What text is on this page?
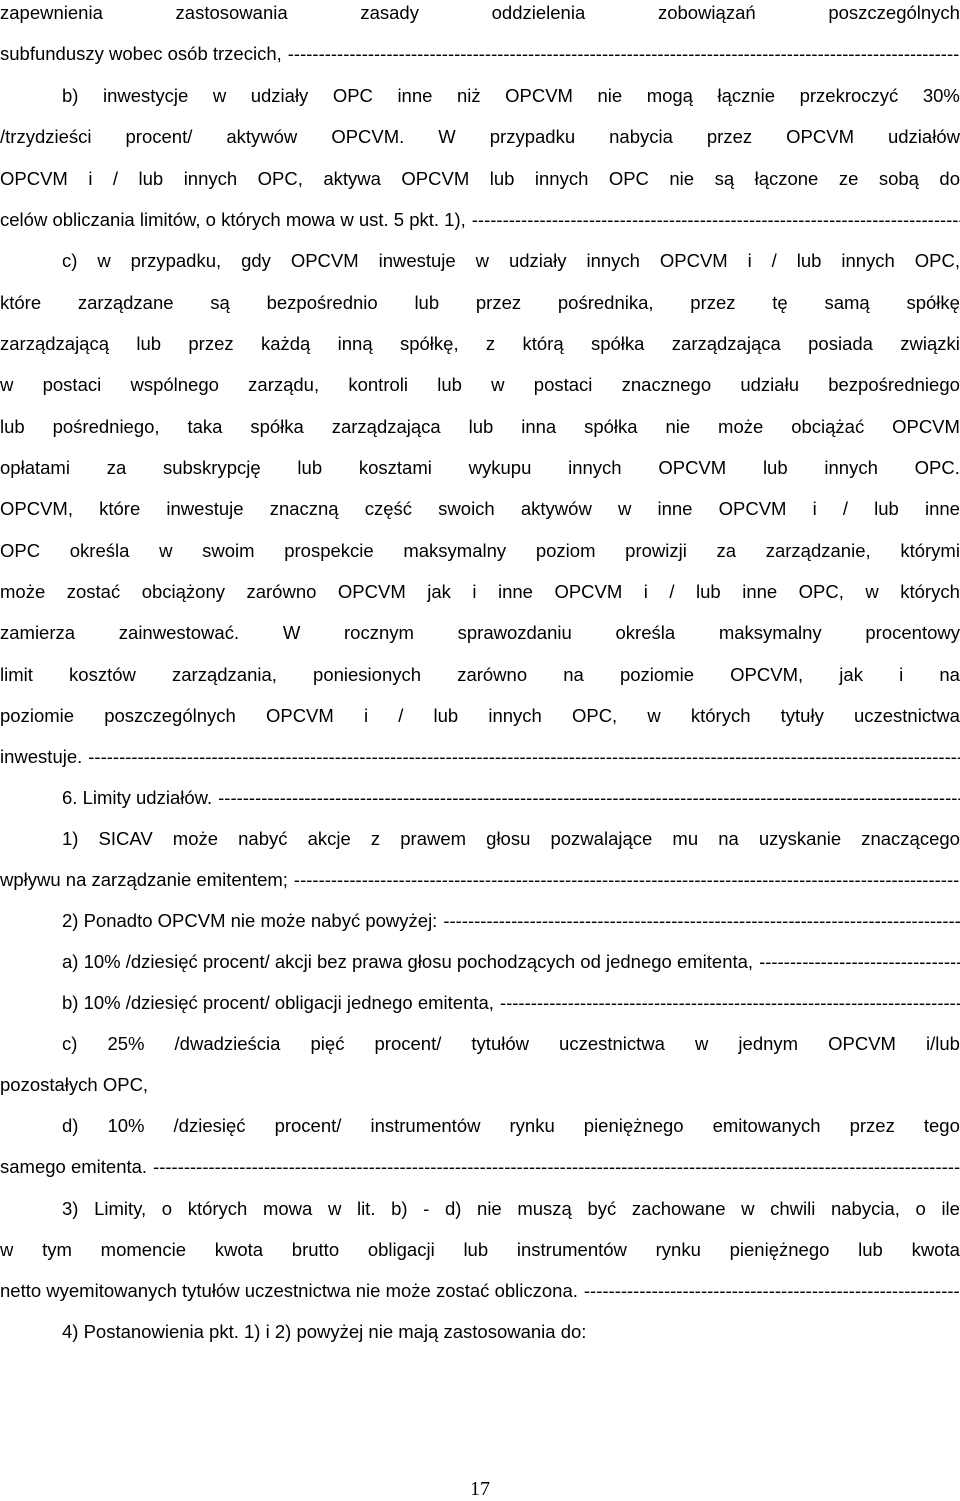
zapewnienia	zastosowania	zasady	oddzielenia	zobowiązań	poszczególnych
subfunduszy wobec osób trzecich,
-----
b) inwestycje w udziały OPC inne niż OPCVM nie mogą łącznie przekroczyć 30%
/trzydzieści procent/ aktywów OPCVM. W przypadku nabycia przez OPCVM udziałów
OPCVM i / lub innych OPC, aktywa OPCVM lub innych OPC nie są łączone ze sobą do
celów obliczania limitów, o których mowa w ust. 5 pkt. 1),
-----
c) w przypadku, gdy OPCVM inwestuje w udziały innych OPCVM i / lub innych OPC,
które zarządzane są bezpośrednio lub przez pośrednika, przez tę samą spółkę
zarządzającą lub przez każdą inną spółkę, z którą spółka zarządzająca posiada związki
w postaci wspólnego zarządu, kontroli lub w postaci znacznego udziału bezpośredniego
lub pośredniego, taka spółka zarządzająca lub inna spółka nie może obciążać OPCVM
opłatami za subskrypcję lub kosztami wykupu innych OPCVM lub innych OPC.
OPCVM, które inwestuje znaczną część swoich aktywów w inne OPCVM i / lub inne
OPC określa w swoim prospekcie maksymalny poziom prowizji za zarządzanie, którymi
może zostać obciążony zarówno OPCVM jak i inne OPCVM i / lub inne OPC, w których
zamierza zainwestować. W rocznym sprawozdaniu określa maksymalny procentowy
limit kosztów zarządzania, poniesionych zarówno na poziomie OPCVM, jak i na
poziomie poszczególnych OPCVM i / lub innych OPC, w których tytuły uczestnictwa
inwestuje.
-----
6. Limity udziałów.
-----
1) SICAV może nabyć akcje z prawem głosu pozwalające mu na uzyskanie znaczącego
wpływu na zarządzanie emitentem;
-----
2) Ponadto OPCVM nie może nabyć powyżej:
-----
a) 10% /dziesięć procent/ akcji bez prawa głosu pochodzących od jednego emitenta,
-----
b) 10% /dziesięć procent/ obligacji jednego emitenta,
-----
c) 25% /dwadzieścia pięć procent/ tytułów uczestnictwa w jednym OPCVM i/lub
pozostałych OPC,
d) 10% /dziesięć procent/ instrumentów rynku pieniężnego emitowanych przez tego
samego emitenta.
-----
3) Limity, o których mowa w lit. b) - d) nie muszą być zachowane w chwili nabycia, o ile
w tym momencie kwota brutto obligacji lub instrumentów rynku pieniężnego lub kwota
netto wyemitowanych tytułów uczestnictwa nie może zostać obliczona.
-----
4) Postanowienia pkt. 1) i 2) powyżej nie mają zastosowania do:
17
